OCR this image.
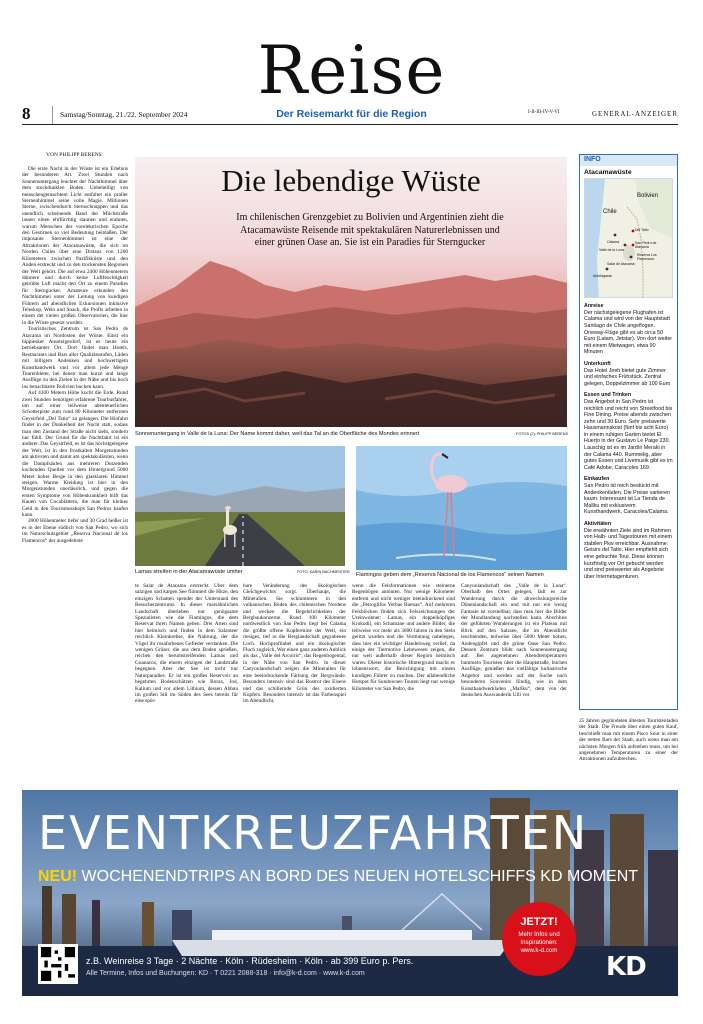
Reise
Der Reisemarkt für die Region
8	Samstag/Sonntag, 21./22. September 2024	I-II-III-IV-V-VI	GENERAL-ANZEIGER
VON PHILIPP BERENS

Die erste Nacht in der Wüste ist ein Erlebnis der besonderen Art. Zwei Stunden nach Sonnenuntergang leuchtet der Nachthimmel über dem stockdunklen Boden. Unbehelligt von menschengemachtem Licht entfaltet ein praller Sternenhimmel seine volle Magie. Millionen Sterne, zwischendurch Sternschnuppen und das unendlich scheinende Band der Milchstraße lassen einen ehrfürchtig staunen und erahnen, warum Menschen der vorelektrischen Epoche den Gestirnen so viel Bedeutung beimaßen. Der imposante Sternenhimmel ist eine der Attraktionen der Atacamawüste, die sich im Norden Chiles über eine Distanz von 1200 Kilometern zwischen Pazifikküste und den Anden erstreckt und zu den trockensten Regionen der Welt gehört. Die auf etwa 2400 Höhenmetern dünnere und durch keine Luftfeuchtigkeit getrübte Luft macht den Ort zu einem Paradies für Sterngucker. Amateure erkunden den Nachthimmel unter der Leitung von kundigen Führern auf abendlichen Exkursionen inklusive Teleskop, Wein und Snack, die Profis arbeiten in einem der vielen großen Observatorien, die hier in die Wüste gesetzt wurden.

Touristisches Zentrum ist San Pedro de Atacama im Nordosten der Wüste. Einst ein hippiesker Aussteigerdorf, ist es heute ein betriebsamer Ort. Dort findet man Hotels, Restaurants und Bars aller Qualitätsstufen, Läden mit billigem Andenken und hochwertigem Kunsthandwerk und vor allem jede Menge Tourenbieter, bei denen man kurze und lange Ausflüge zu den Zielen in der Nähe und bis hoch ins benachbarte Bolivien buchen kann.

Auf 4300 Metern Höhe kocht die Erde. Rund zwei Stunden benötigen erfahrene Tourbusfahrer, um auf einer teilweise abenteuerlichen Schotterpiste zum rund 80 Kilometer entfernten Geysirfeld „Del Tatio“ zu gelangen. Die Hinfahrt findet in der Dunkelheit der Nacht statt, sodass man den Zustand der Straße nicht sieht, sondern nur fühlt. Der Grund für die Nachtfahrt ist ein anderer. Das Geysirfeld, es ist das höchstgelegene der Welt, ist in den frostkalten Morgenstunden am aktivsten und damit am spektakulärsten, wenn die Dampfsäulen aus mehreren Dutzenden kochenden Quellen vor dem Hintergrund 5000 Meter hoher Berge in den glasklaren Himmel steigen. Warme Kleidung ist hier in den Morgenstunden unerlässlich, und gegen die ersten Symptome von Höhenkrankheit hilft das Kauen von Cocablättern, die man für kleines Geld in den Tourismusshops San Pedros kaufen kann.

2000 Höhenmeter tiefer und 30 Grad heißer ist es in der Ebene südlich von San Pedro, wo sich im Naturschutzgebiet „Reserva Nacional de los Flamencos“ der ausgedehnte

Die lebendige Wüste
Im chilenischen Grenzgebiet zu Bolivien und Argentinien zieht die Atacamawüste Reisende mit spektakulären Naturerlebnissen und einer grünen Oase an. Sie ist ein Paradies für Sterngucker
Sonnenuntergang in Valle de la Luna: Der Name kommt daher, weil das Tal an die Oberfläche des Mondes erinnert	FOTOS (2): PHILIPP BERENS
Lamas streifen in der Atacamawüste umher	FOTO: KARIN BACHMEISTER Flamingos geben dem „Reserva Nacional de los Flamencos“ seinen Namen
te Salar de Atacama erstreckt. Über dem salzigen und kargen See flimmert die Hitze, den einzigen Schatten spendet der Unterstand des Besucherzentrums. In dieser marsähnlichen Landschaft überleben nur genügsame Spezialisten wie die Flamingos, die dem Reservat ihren Namen geben. Drei Arten sind hier heimisch und finden in dem Salzmeer reichlich Kleinkrebse, die Nahrung, der die Vögel ihr rosafarbenes Gefieder verdanken. Die wenigen Gräser, die aus dem Boden sprießen, reichen den herumstreifenden Lamas und Guanacos, die einem einzigen der Landstraße begegnen. Aber der See ist nicht nur Naturparadies. Er ist ein großes Reservoir an begehrten Bodenschätzen wie Borax, Jod, Kalium und vor allem Lithium, dessen Abbau im großen Stil im Süden des Sees bereits für eine spür-
bare Veränderung des ökologischen Gleichgewichts sorgt. Überhaupt, die Mineralien. Sie schlummern in den vulkanischen Böden des chilenischen Nordens und wecken die Begehrlichkeiten der Bergbaukonzerne. Rund 100 Kilometer nordwestlich von San Pedro liegt bei Calama die größte offene Kupfermine der Welt, ein riesiges, tief in die Berglandschaft gegrabenes Loch. Hochprofitabel und ein ökologischer Fluch zugleich. Wer einen ganz anderen Anblick als das „Valle del Arcoiris“, das Regenbogental, in der Nähe von San Pedro. In dieser Canyonlandschaft zeigen die Mineralien für eine beeindruckende Färbung der Bergwände. Besonders intensiv sind das Rostrot des Eisens und das schillernde Grün des oxidierten Kupfers. Besonders intensiv ist das Farbenspiel im Abendlicht,
wenn die Felsformationen wie steinerne Regenbögen anmuten. Nur wenige Kilometer entfernt und nicht weniger beeindruckend sind die „Petroglifos Yerbas Buenas“. Auf mehreren Felsblöcken finden sich Felszeichnungen der Ureinwohner: Lamas, ein doppelköpfiges Krokodil, ein Schamane und andere Bilder, die teilweise vor mehr als 3000 Jahren in den Stein geritzt wurden und die Vermutung nahelegen, dass hier ein wichtiger Handelsweg verlief, da einige der Tiermotive Lebewesen zeigen, die nur weit außerhalb dieser Region heimisch waren. Dieser historische Hintergrund macht es lohnenswert, die Besichtigung mit einem kundigen Führer zu machen. Der allabendliche Hotspot für Sundowner-Touren liegt nur wenige Kilometer vor San Pedro, die
Canyonlandschaft des „Valle de la Luna“. Oberhalb des Ortes gelegen, lädt es zur Wanderung durch die abwechslungsreiche Dünenlandschaft ein und mit nur ein wenig Fantasie ist vorstellbar, dass man hier die Bilder der Mondlandung nachstellen kann. Abschluss der geführten Wanderungen ist ein Plateau mit Blick auf den Salzsee, die im Abendlicht leuchtenden, teilweise über 5000 Meter hohen, Andengipfel und die grüne Oase San Pedro. Dessen Zentrum blüht nach Sonnenuntergang auf. Bei angenehmen Abendtemperaturen bummeln Touristen über die Hauptstraße, buchen Ausflüge, genießen das vielfältige kulinarische Angebot und werden auf der Suche nach besonderen Souvenirs fündig, wie in dem Kunsthandwerkladen „Mallku“, dem von der deutschen Auswanderin Ulli vor
25 Jahren gegründeten ältesten Touristenladen der Stadt. Die Freude über einen guten Kauf, beschließt man mit einem Pisco Sour in einer der netten Bars der Stadt, auch wenn man am nächsten Morgen früh aufstehen muss, um bei angenehmen Temperaturen zu einer der Attraktionen aufzubrechen.
INFO
Atacamawüste
Bolivien
Chile
Calama
Del Tatio
San Pedro de Atacama
Valle de la Luna
Reserva Los Flamencos
Salar de Atacama
Antofagasta
Anreise
Der nächstgelegene Flughafen ist Calama und wird von der Hauptstadt Santiago de Chile angeflogen. Oneway-Flüge gibt es ab circa 50 Euro (Latam, Jetstar). Von dort weiter mit einem Mietwagen, etwa 90 Minuten
Unterkunft
Das Hotel Jireh bietet gute Zimmer und einfaches Frühstück. Zentral gelegen, Doppelzimmer ab 100 Euro
Essen und Trinken
Das Angebot in San Pedro ist reichlich und reicht von Streetfood bis Fine Dining. Preise abends zwischen zehn und 30 Euro. Sehr preiswerte Hausmannskost (fünf bis acht Euro) in einem ruhigen Garten bietet El Huerto in der Gustavo Le Paige 230. Lauschig ist es im Jardín Meraki in der Calama 440. Rummelig, aber gutes Essen und Livemusik gibt es im Café Adobe, Caracoles 169.
Einkaufen
San Pedro ist reich bestückt mit Andenkenläden. Die Preise variieren kaum. Interessant ist La Tienda de Mallku mit exklusivem Kunsthandwerk, Caracoles/Calama.
Aktivitäten
Die erwähnten Ziele sind im Rahmen von Halb- und Tagestouren mit einem stabilen Pkw erreichbar. Ausnahme: Geisirs del Tatio. Hier empfiehlt sich eine gebuchte Tour. Diese können kurzfristig vor Ort gebucht werden und sind preiswerter als Angebote über Internetagenturen.
EVENTKREUZFAHRTEN
NEU! WOCHENENDTRIPS AN BORD DES NEUEN HOTELSCHIFFS KD MOMENT
z.B. Weinreise 3 Tage · 2 Nächte · Köln · Rüdesheim · Köln · ab 399 Euro p. Pers.
Alle Termine, Infos und Buchungen: KD · T 0221 2088-318 · info@k-d.com · www.k-d.com
JETZT!
Mehr Infos und Inspirationen:
www.k-d.com
KD
